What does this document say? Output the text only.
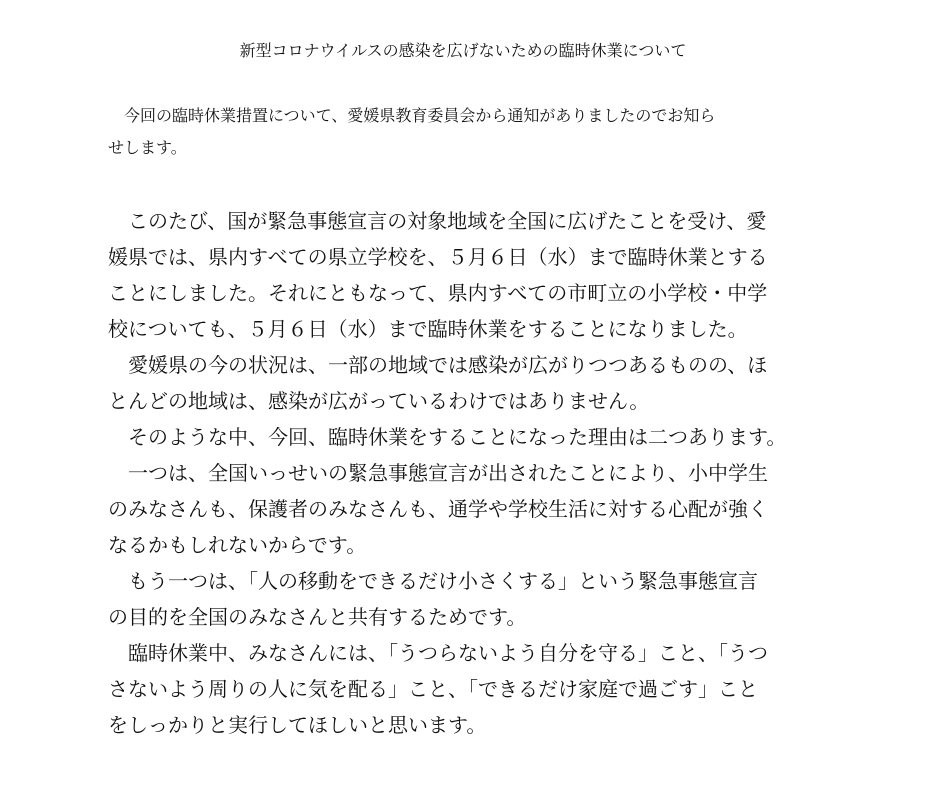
新型コロナウイルスの感染を広げないための臨時休業について
　今回の臨時休業措置について、愛媛県教育委員会から通知がありましたのでお知ら
せします。
　このたび、国が緊急事態宣言の対象地域を全国に広げたことを受け、愛
媛県では、県内すべての県立学校を、５月６日（水）まで臨時休業とする
ことにしました。それにともなって、県内すべての市町立の小学校・中学
校についても、５月６日（水）まで臨時休業をすることになりました。
　愛媛県の今の状況は、一部の地域では感染が広がりつつあるものの、ほ
とんどの地域は、感染が広がっているわけではありません。
　そのような中、今回、臨時休業をすることになった理由は二つあります。
　一つは、全国いっせいの緊急事態宣言が出されたことにより、小中学生
のみなさんも、保護者のみなさんも、通学や学校生活に対する心配が強く
なるかもしれないからです。
　もう一つは、「人の移動をできるだけ小さくする」という緊急事態宣言
の目的を全国のみなさんと共有するためです。
　臨時休業中、みなさんには、「うつらないよう自分を守る」こと、「うつ
さないよう周りの人に気を配る」こと、「できるだけ家庭で過ごす」こと
をしっかりと実行してほしいと思います。
